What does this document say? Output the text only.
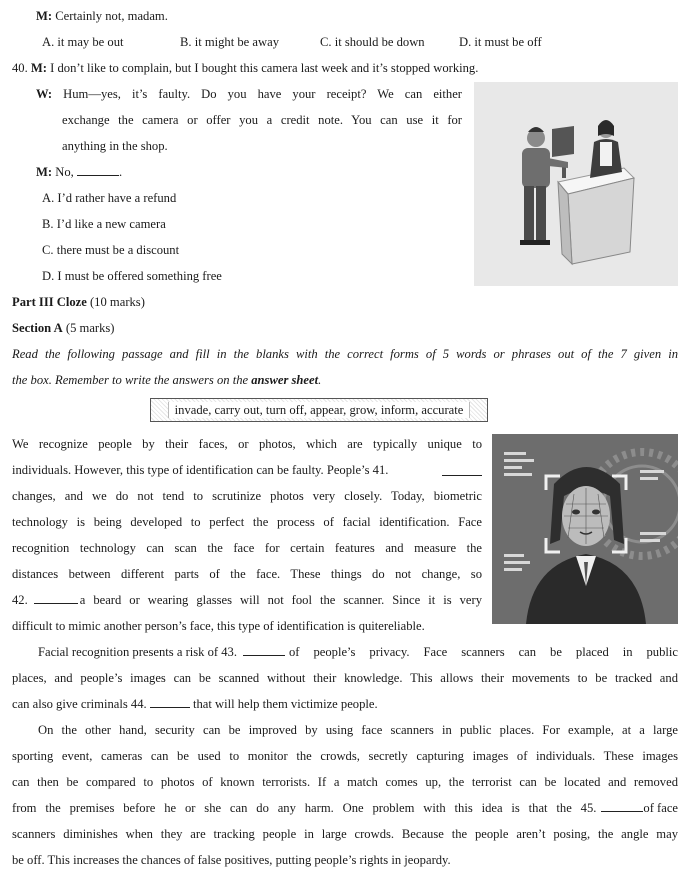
M: Certainly not, madam.
A. it may be out	B. it might be away	C. it should be down	D. it must be off
40. M: I don’t like to complain, but I bought this camera last week and it’s stopped working.
W: Hum—yes, it’s faulty. Do you have your receipt? We can either
exchange the camera or offer you a credit note. You can use it for
anything in the shop.
M: No,	.
A. I’d rather have a refund
B. I’d like a new camera
C. there must be a discount
D. I must be offered something free
Part III Cloze (10 marks)
Section A (5 marks)
Read the following passage and fill in the blanks with the correct forms of 5 words or phrases out of the 7 given in
the box. Remember to write the answers on the answer sheet.
invade, carry out, turn off, appear, grow, inform, accurate
We recognize people by their faces, or photos, which are typically unique to
individuals. However, this type of identification can be faulty. People’s 41.
changes, and we do not tend to scrutinize photos very closely. Today, biometric
technology is being developed to perfect the process of facial identification. Face
recognition technology can scan the face for certain features and measure the
distances between different parts of the face. These things do not change, so
42.	a beard or wearing glasses will not fool the scanner. Since it is very
difficult to mimic another person’s face, this type of identification is quitereliable.
Facial recognition presents a risk of 43.	of people’s privacy. Face scanners can be placed in public
places, and people’s images can be scanned without their knowledge. This allows their movements to be tracked and
can also give criminals 44.	that will help them victimize people.
On the other hand, security can be improved by using face scanners in public places. For example, at a large
sporting event, cameras can be used to monitor the crowds, secretly capturing images of individuals. These images
can then be compared to photos of known terrorists. If a match comes up, the terrorist can be located and removed
from the premises before he or she can do any harm. One problem with this idea is that the 45.	of face
scanners diminishes when they are tracking people in large crowds. Because the people aren’t posing, the angle may
be off. This increases the chances of false positives, putting people’s rights in jeopardy.
